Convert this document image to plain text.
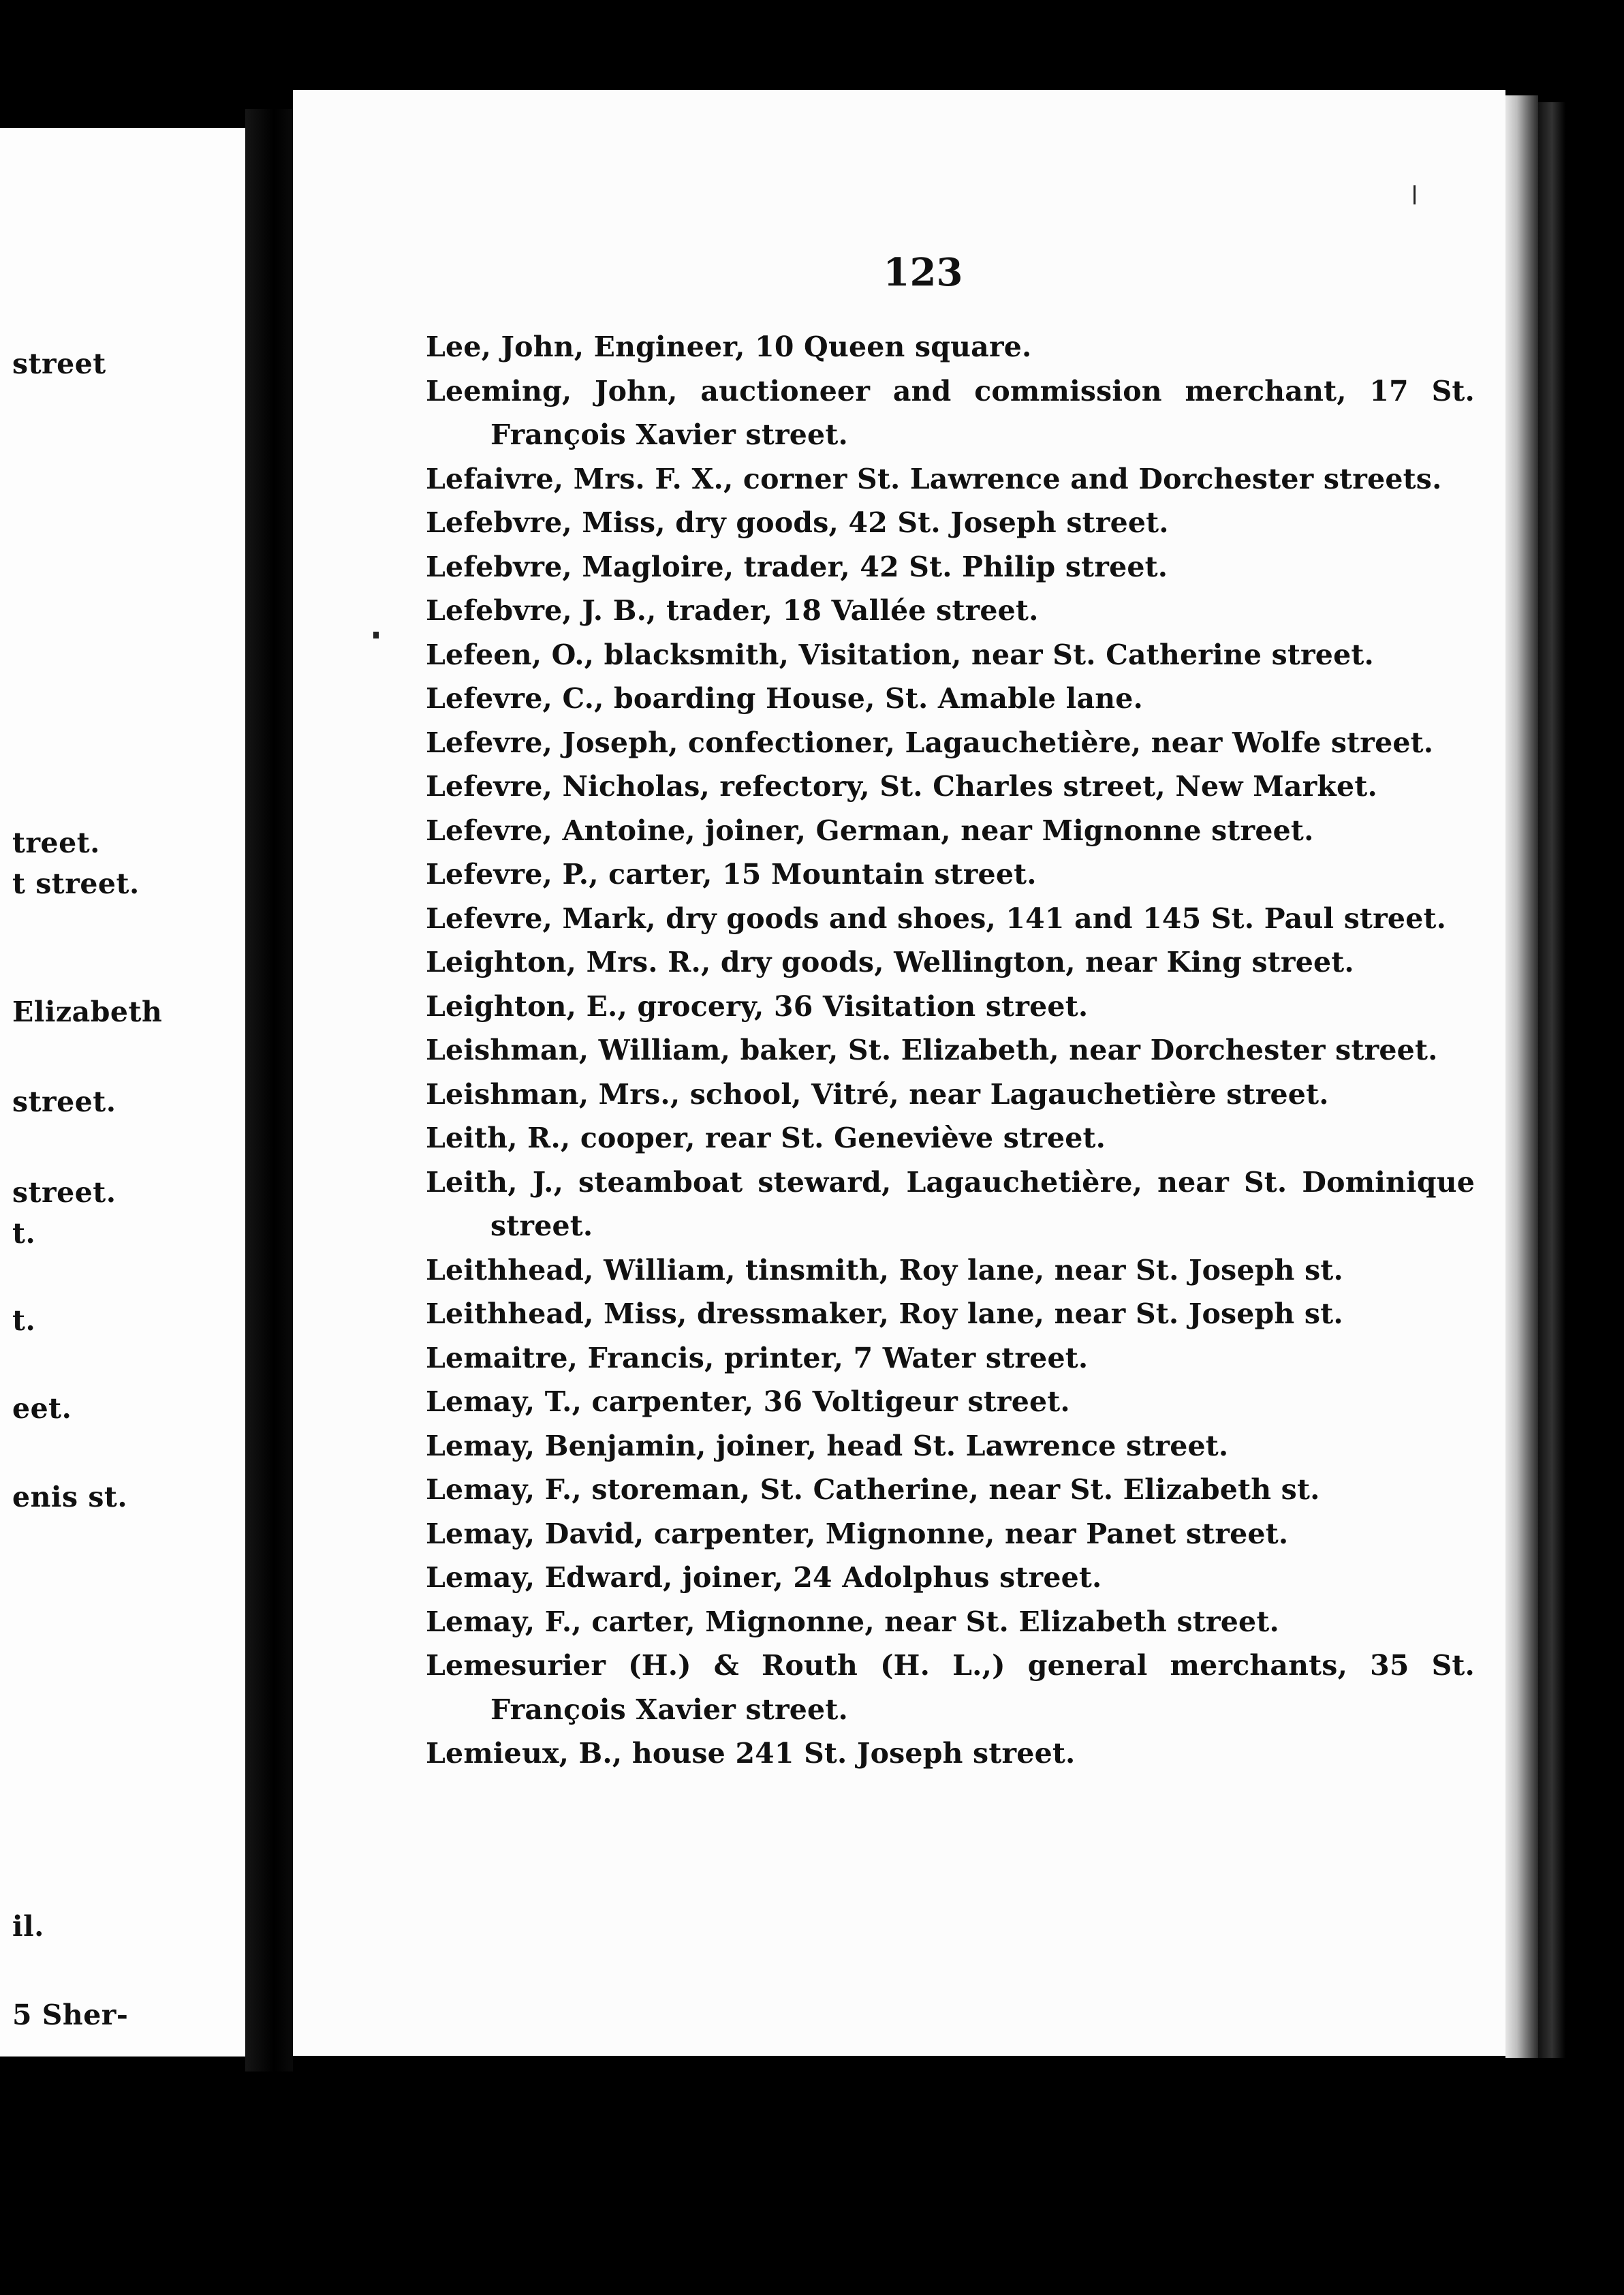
street
treet.
t street.
Elizabeth
street.
street.
t.
t.
eet.
enis st.
il.
5 Sher-
123
Lee, John, Engineer, 10 Queen square.
Leeming, John, auctioneer and commission merchant, 17 St. François Xavier street.
Lefaivre, Mrs. F. X., corner St. Lawrence and Dorchester streets.
Lefebvre, Miss, dry goods, 42 St. Joseph street.
Lefebvre, Magloire, trader, 42 St. Philip street.
Lefebvre, J. B., trader, 18 Vallée street.
Lefeen, O., blacksmith, Visitation, near St. Catherine street.
Lefevre, C., boarding House, St. Amable lane.
Lefevre, Joseph, confectioner, Lagauchetière, near Wolfe street.
Lefevre, Nicholas, refectory, St. Charles street, New Market.
Lefevre, Antoine, joiner, German, near Mignonne street.
Lefevre, P., carter, 15 Mountain street.
Lefevre, Mark, dry goods and shoes, 141 and 145 St. Paul street.
Leighton, Mrs. R., dry goods, Wellington, near King street.
Leighton, E., grocery, 36 Visitation street.
Leishman, William, baker, St. Elizabeth, near Dorchester street.
Leishman, Mrs., school, Vitré, near Lagauchetière street.
Leith, R., cooper, rear St. Geneviève street.
Leith, J., steamboat steward, Lagauchetière, near St. Dominique street.
Leithhead, William, tinsmith, Roy lane, near St. Joseph st.
Leithhead, Miss, dressmaker, Roy lane, near St. Joseph st.
Lemaitre, Francis, printer, 7 Water street.
Lemay, T., carpenter, 36 Voltigeur street.
Lemay, Benjamin, joiner, head St. Lawrence street.
Lemay, F., storeman, St. Catherine, near St. Elizabeth st.
Lemay, David, carpenter, Mignonne, near Panet street.
Lemay, Edward, joiner, 24 Adolphus street.
Lemay, F., carter, Mignonne, near St. Elizabeth street.
Lemesurier (H.) & Routh (H. L.,) general merchants, 35 St. François Xavier street.
Lemieux, B., house 241 St. Joseph street.
